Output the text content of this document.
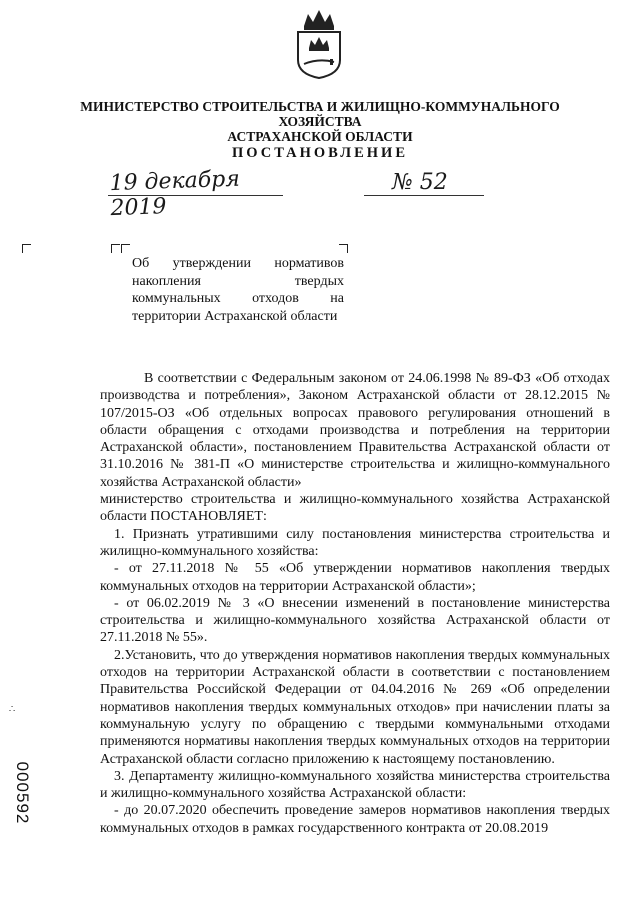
МИНИСТЕРСТВО СТРОИТЕЛЬСТВА И ЖИЛИЩНО-КОММУНАЛЬНОГО ХОЗЯЙСТВА
АСТРАХАНСКОЙ ОБЛАСТИ
ПОСТАНОВЛЕНИЕ
19 декабря 2019
№ 52
Об утверждении нормативов накопления твердых коммунальных отходов на территории Астраханской области

В соответствии с Федеральным законом от 24.06.1998 № 89-ФЗ «Об отходах производства и потребления», Законом Астраханской области от 28.12.2015 № 107/2015-ОЗ «Об отдельных вопросах правового регулирования отношений в области обращения с отходами производства и потребления на территории Астраханской области», постановлением Правительства Астраханской области от 31.10.2016 № 381-П «О министерстве строительства и жилищно-коммунального хозяйства Астраханской области»

министерство строительства и жилищно-коммунального хозяйства Астраханской области ПОСТАНОВЛЯЕТ:

1. Признать утратившими силу постановления министерства строительства и жилищно-коммунального хозяйства:

- от 27.11.2018 № 55 «Об утверждении нормативов накопления твердых коммунальных отходов на территории Астраханской области»;

- от 06.02.2019 № 3 «О внесении изменений в постановление министерства строительства и жилищно-коммунального хозяйства Астраханской области от 27.11.2018 № 55».

2.Установить, что до утверждения нормативов накопления твердых коммунальных отходов на территории Астраханской области в соответствии с постановлением Правительства Российской Федерации от 04.04.2016 № 269 «Об определении нормативов накопления твердых коммунальных отходов» при начислении платы за коммунальную услугу по обращению с твердыми коммунальными отходами применяются нормативы накопления твердых коммунальных отходов на территории Астраханской области согласно приложению к настоящему постановлению.

3. Департаменту жилищно-коммунального хозяйства министерства строительства и жилищно-коммунального хозяйства Астраханской области:

- до 20.07.2020 обеспечить проведение замеров нормативов накопления твердых коммунальных отходов в рамках государственного контракта от 20.08.2019

∴
000592
